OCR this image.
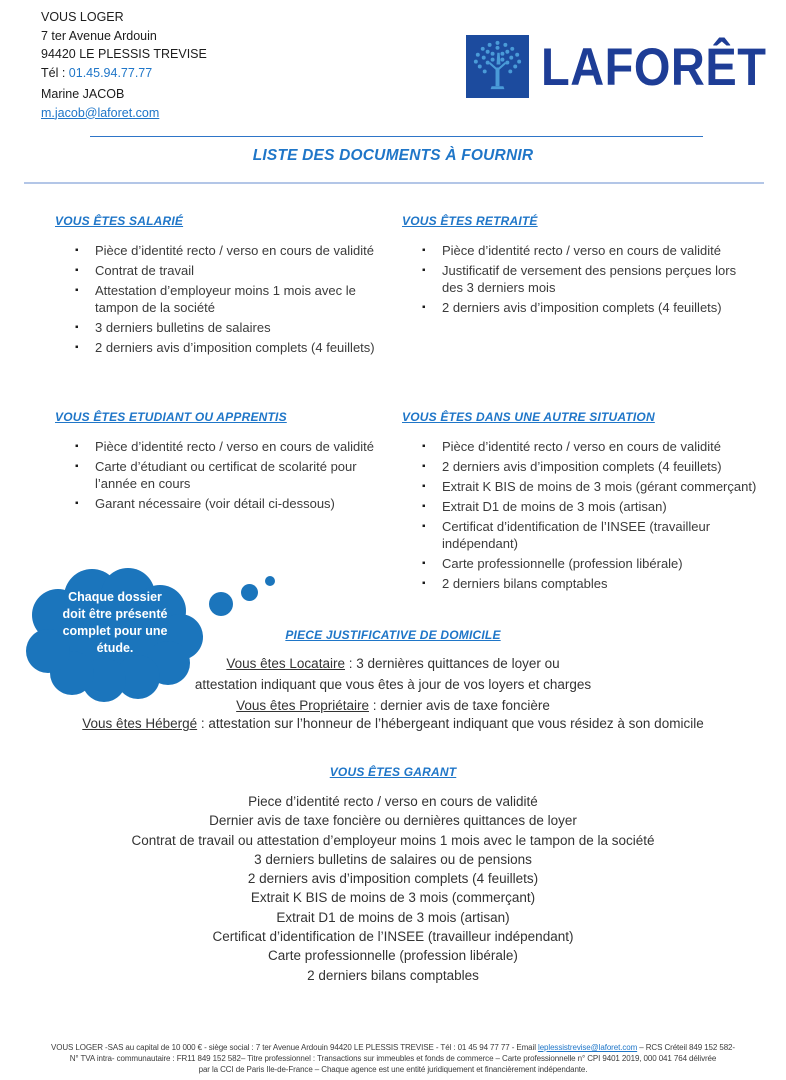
VOUS LOGER
7 ter Avenue Ardouin
94420 LE PLESSIS TREVISE
Tél : 01.45.94.77.77
Marine JACOB
m.jacob@laforet.com
LAFORÊT
LISTE DES DOCUMENTS À FOURNIR
VOUS ÊTES SALARIÉ
▪ Pièce d’identité recto / verso en cours de validité
▪ Contrat de travail
▪ Attestation d’employeur moins 1 mois avec le tampon de la société
▪ 3 derniers bulletins de salaires
▪ 2 derniers avis d’imposition complets (4 feuillets)
VOUS ÊTES RETRAITÉ
▪ Pièce d’identité recto / verso en cours de validité
▪ Justificatif de versement des pensions perçues lors des 3 derniers mois
▪ 2 derniers avis d’imposition complets (4 feuillets)
VOUS ÊTES ETUDIANT OU APPRENTIS
▪ Pièce d’identité recto / verso en cours de validité
▪ Carte d’étudiant ou certificat de scolarité pour l’année en cours
▪ Garant nécessaire (voir détail ci-dessous)
VOUS ÊTES DANS UNE AUTRE SITUATION
▪ Pièce d’identité recto / verso en cours de validité
▪ 2 derniers avis d’imposition complets (4 feuillets)
▪ Extrait K BIS de moins de 3 mois (gérant commerçant)
▪ Extrait D1 de moins de 3 mois (artisan)
▪ Certificat d’identification de l’INSEE (travailleur indépendant)
▪ Carte professionnelle (profession libérale)
▪ 2 derniers bilans comptables
Chaque dossier
doit être présenté
complet pour une
étude.
PIECE JUSTIFICATIVE DE DOMICILE
Vous êtes Locataire : 3 dernières quittances de loyer ou
attestation indiquant que vous êtes à jour de vos loyers et charges
Vous êtes Propriétaire : dernier avis de taxe foncière
Vous êtes Hébergé : attestation sur l’honneur de l’hébergeant indiquant que vous résidez à son domicile
VOUS ÊTES GARANT
Piece d’identité recto / verso en cours de validité
Dernier avis de taxe foncière ou dernières quittances de loyer
Contrat de travail ou attestation d’employeur moins 1 mois avec le tampon de la société
3 derniers bulletins de salaires ou de pensions
2 derniers avis d’imposition complets (4 feuillets)
Extrait K BIS de moins de 3 mois (commerçant)
Extrait D1 de moins de 3 mois (artisan)
Certificat d’identification de l’INSEE (travailleur indépendant)
Carte professionnelle (profession libérale)
2 derniers bilans comptables
VOUS LOGER -SAS au capital de 10 000 € - siège social : 7 ter Avenue Ardouin 94420 LE PLESSIS TREVISE - Tél : 01 45 94 77 77 - Email leplessistrevise@laforet.com – RCS Créteil 849 152 582-
N° TVA intra- communautaire : FR11 849 152 582– Titre professionnel : Transactions sur immeubles et fonds de commerce – Carte professionnelle n° CPI 9401 2019, 000 041 764 délivrée
par la CCI de Paris Ile-de-France – Chaque agence est une entité juridiquement et financièrement indépendante.
